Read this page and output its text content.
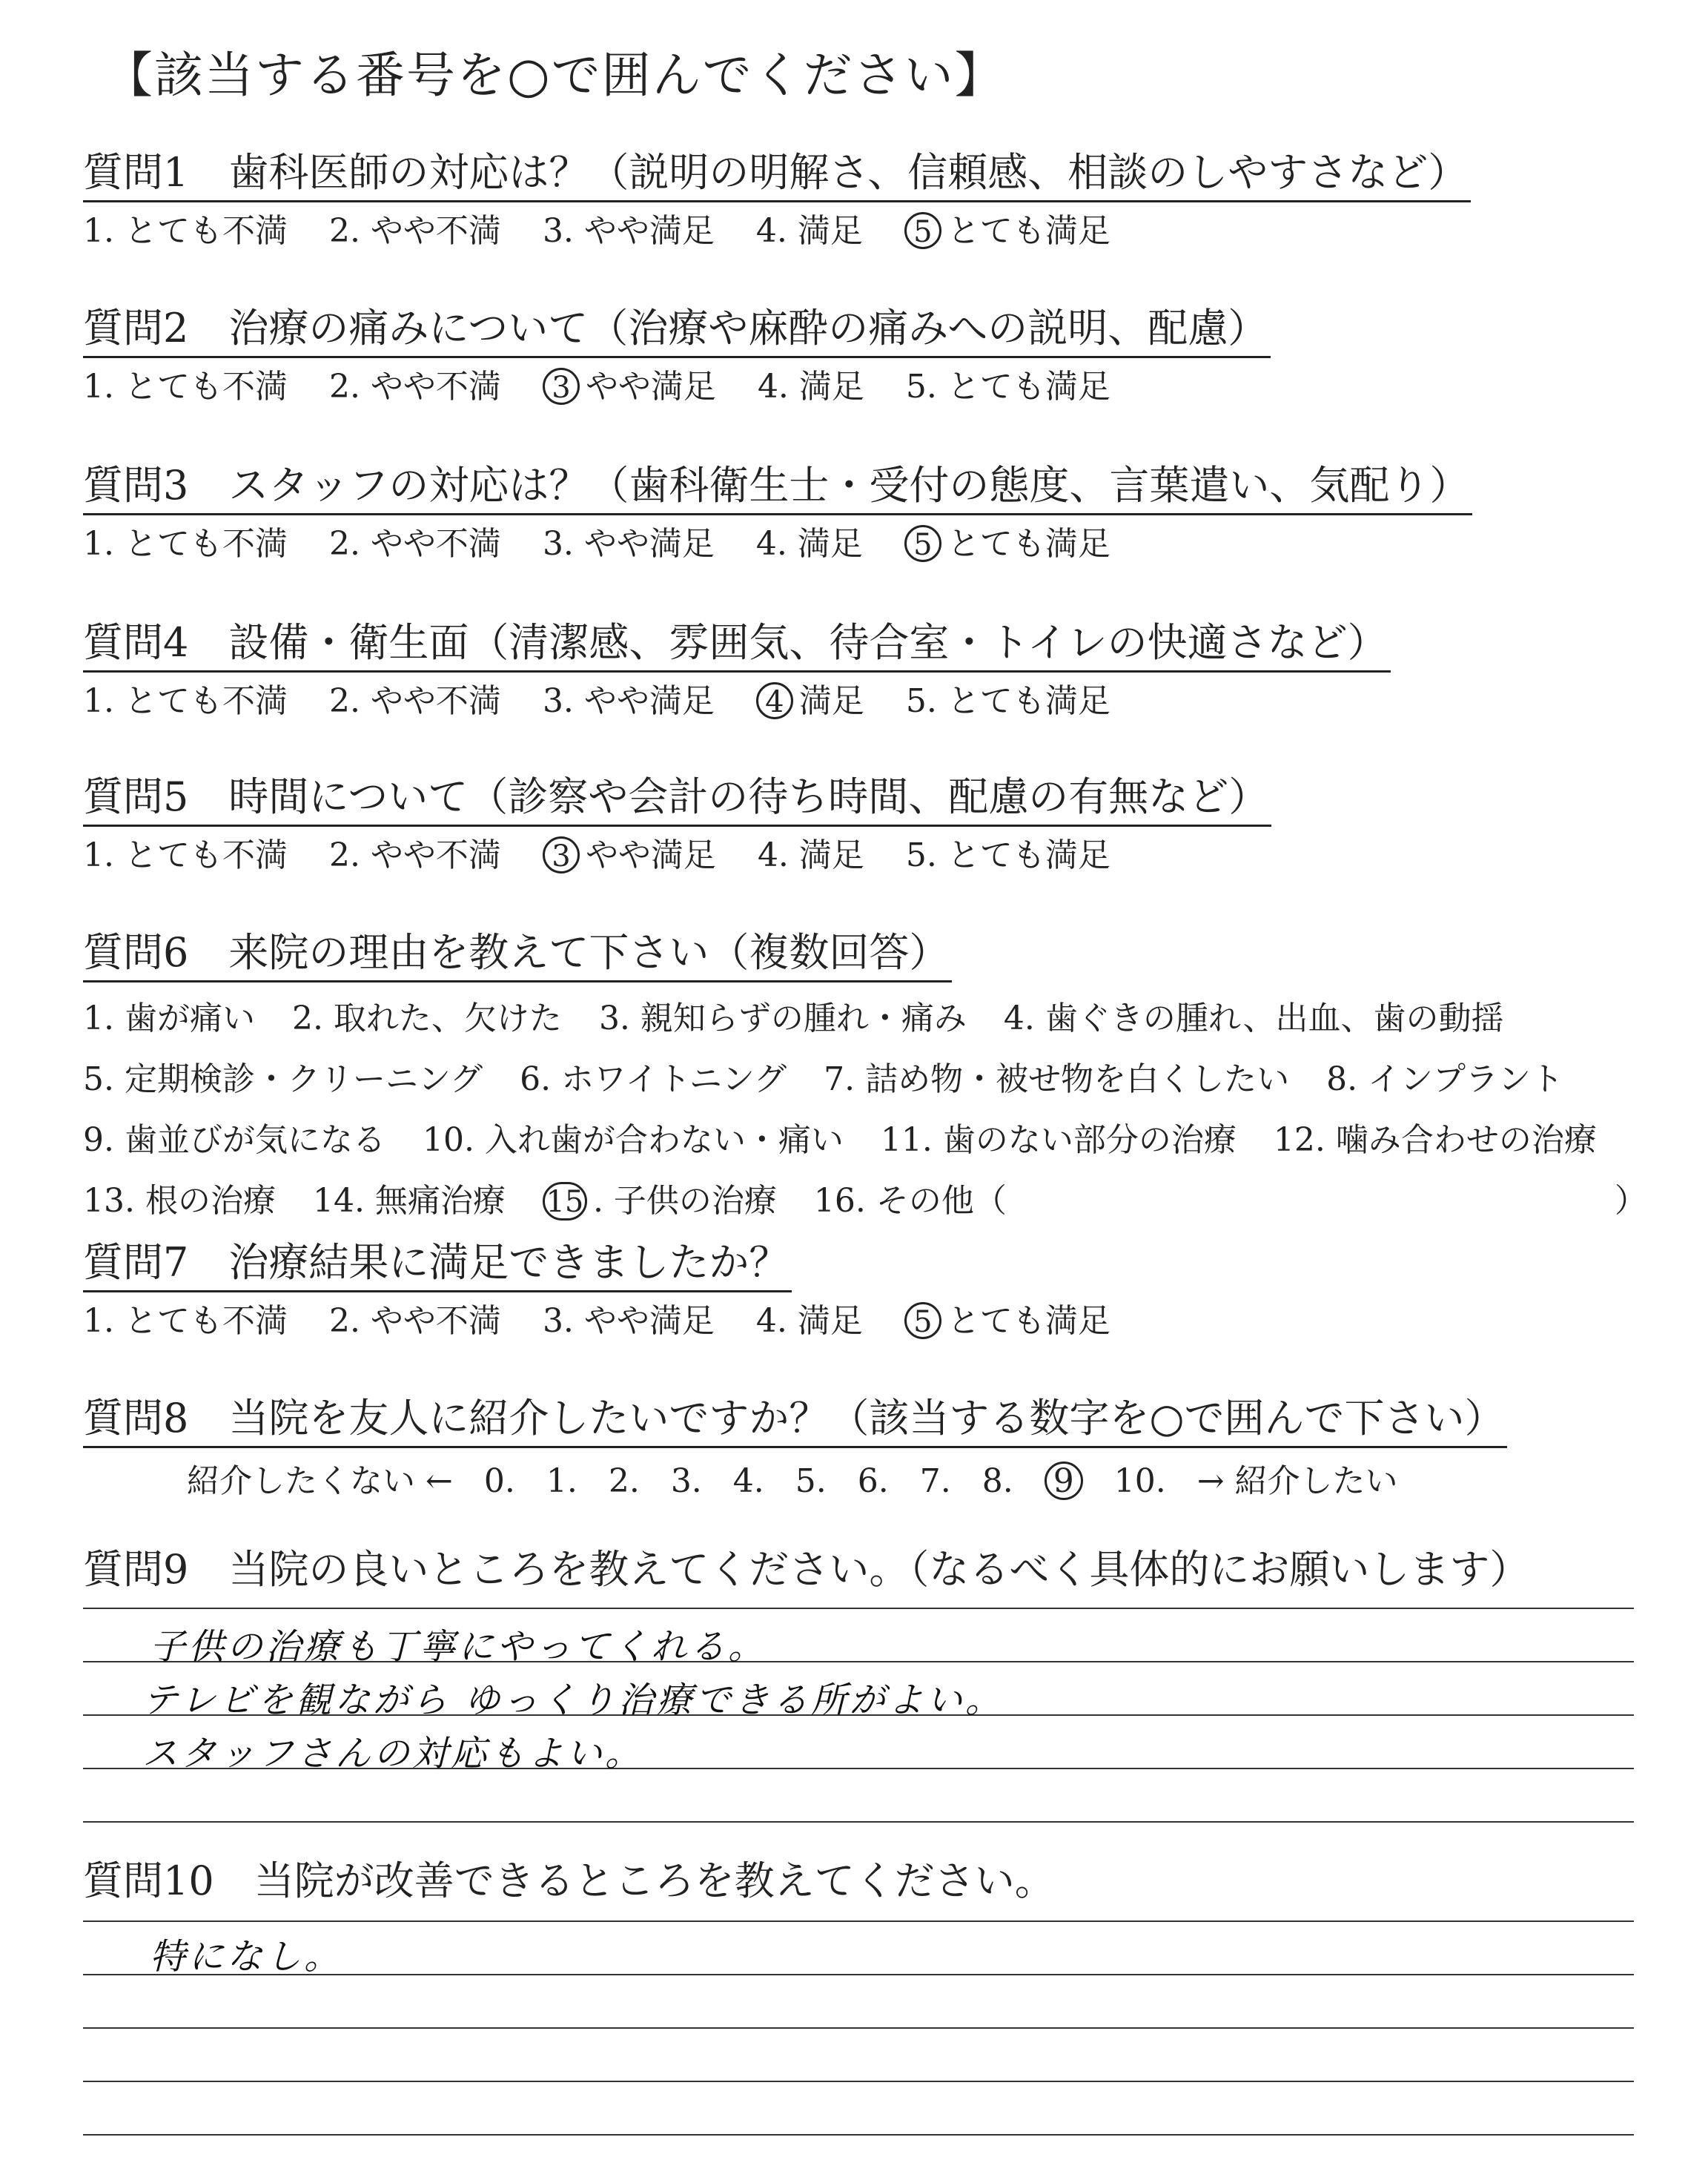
【該当する番号を○で囲んでください】
質問1 歯科医師の対応は？（説明の明解さ、信頼感、相談のしやすさなど）
1. とても不満 2. やや不満 3. やや満足 4. 満足 5 とても満足
質問2 治療の痛みについて（治療や麻酔の痛みへの説明、配慮）
1. とても不満 2. やや不満 3 やや満足 4. 満足 5. とても満足
質問3 スタッフの対応は？（歯科衛生士・受付の態度、言葉遣い、気配り）
1. とても不満 2. やや不満 3. やや満足 4. 満足 5 とても満足
質問4 設備・衛生面（清潔感、雰囲気、待合室・トイレの快適さなど）
1. とても不満 2. やや不満 3. やや満足 4 満足 5. とても満足
質問5 時間について（診察や会計の待ち時間、配慮の有無など）
1. とても不満 2. やや不満 3 やや満足 4. 満足 5. とても満足
質問6 来院の理由を教えて下さい（複数回答）
1. 歯が痛い 2. 取れた、欠けた 3. 親知らずの腫れ・痛み 4. 歯ぐきの腫れ、出血、歯の動揺
5. 定期検診・クリーニング 6. ホワイトニング 7. 詰め物・被せ物を白くしたい 8. インプラント
9. 歯並びが気になる 10. 入れ歯が合わない・痛い 11. 歯のない部分の治療 12. 噛み合わせの治療
13. 根の治療 14. 無痛治療 15 . 子供の治療 16. その他（	）
質問7 治療結果に満足できましたか？
1. とても不満 2. やや不満 3. やや満足 4. 満足 5 とても満足
質問8 当院を友人に紹介したいですか？（該当する数字を○で囲んで下さい）
紹介したくない ← 0. 1. 2. 3. 4. 5. 6. 7. 8. 9 10. → 紹介したい
質問9　当院の良いところを教えてください。（なるべく具体的にお願いします）
子供の治療も丁寧にやってくれる。
テレビを観ながら ゆっくり治療できる所がよい。
スタッフさんの対応もよい。
質問10　当院が改善できるところを教えてください。
特になし。
